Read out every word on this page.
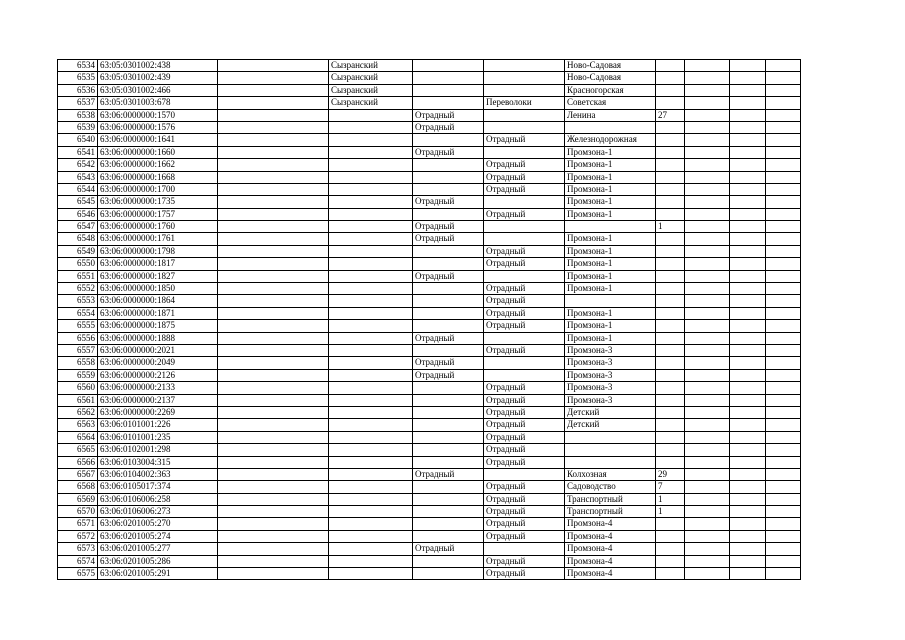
6534	63:05:0301002:438		Сызранский			Ново-Садовая				
6535	63:05:0301002:439		Сызранский			Ново-Садовая				
6536	63:05:0301002:466		Сызранский			Красногорская				
6537	63:05:0301003:678		Сызранский		Переволоки	Советская				
6538	63:06:0000000:1570			Отрадный		Ленина	27			
6539	63:06:0000000:1576			Отрадный						
6540	63:06:0000000:1641				Отрадный	Железнодорожная				
6541	63:06:0000000:1660			Отрадный		Промзона-1				
6542	63:06:0000000:1662				Отрадный	Промзона-1				
6543	63:06:0000000:1668				Отрадный	Промзона-1				
6544	63:06:0000000:1700				Отрадный	Промзона-1				
6545	63:06:0000000:1735			Отрадный		Промзона-1				
6546	63:06:0000000:1757				Отрадный	Промзона-1				
6547	63:06:0000000:1760			Отрадный			1			
6548	63:06:0000000:1761			Отрадный		Промзона-1				
6549	63:06:0000000:1798				Отрадный	Промзона-1				
6550	63:06:0000000:1817				Отрадный	Промзона-1				
6551	63:06:0000000:1827			Отрадный		Промзона-1				
6552	63:06:0000000:1850				Отрадный	Промзона-1				
6553	63:06:0000000:1864				Отрадный					
6554	63:06:0000000:1871				Отрадный	Промзона-1				
6555	63:06:0000000:1875				Отрадный	Промзона-1				
6556	63:06:0000000:1888			Отрадный		Промзона-1				
6557	63:06:0000000:2021				Отрадный	Промзона-3				
6558	63:06:0000000:2049			Отрадный		Промзона-3				
6559	63:06:0000000:2126			Отрадный		Промзона-3				
6560	63:06:0000000:2133				Отрадный	Промзона-3				
6561	63:06:0000000:2137				Отрадный	Промзона-3				
6562	63:06:0000000:2269				Отрадный	Детский				
6563	63:06:0101001:226				Отрадный	Детский				
6564	63:06:0101001:235				Отрадный					
6565	63:06:0102001:298				Отрадный					
6566	63:06:0103004:315				Отрадный					
6567	63:06:0104002:363			Отрадный		Колхозная	29			
6568	63:06:0105017:374				Отрадный	Садоводство	7			
6569	63:06:0106006:258				Отрадный	Транспортный	1			
6570	63:06:0106006:273				Отрадный	Транспортный	1			
6571	63:06:0201005:270				Отрадный	Промзона-4				
6572	63:06:0201005:274				Отрадный	Промзона-4				
6573	63:06:0201005:277			Отрадный		Промзона-4				
6574	63:06:0201005:286				Отрадный	Промзона-4				
6575	63:06:0201005:291				Отрадный	Промзона-4				
